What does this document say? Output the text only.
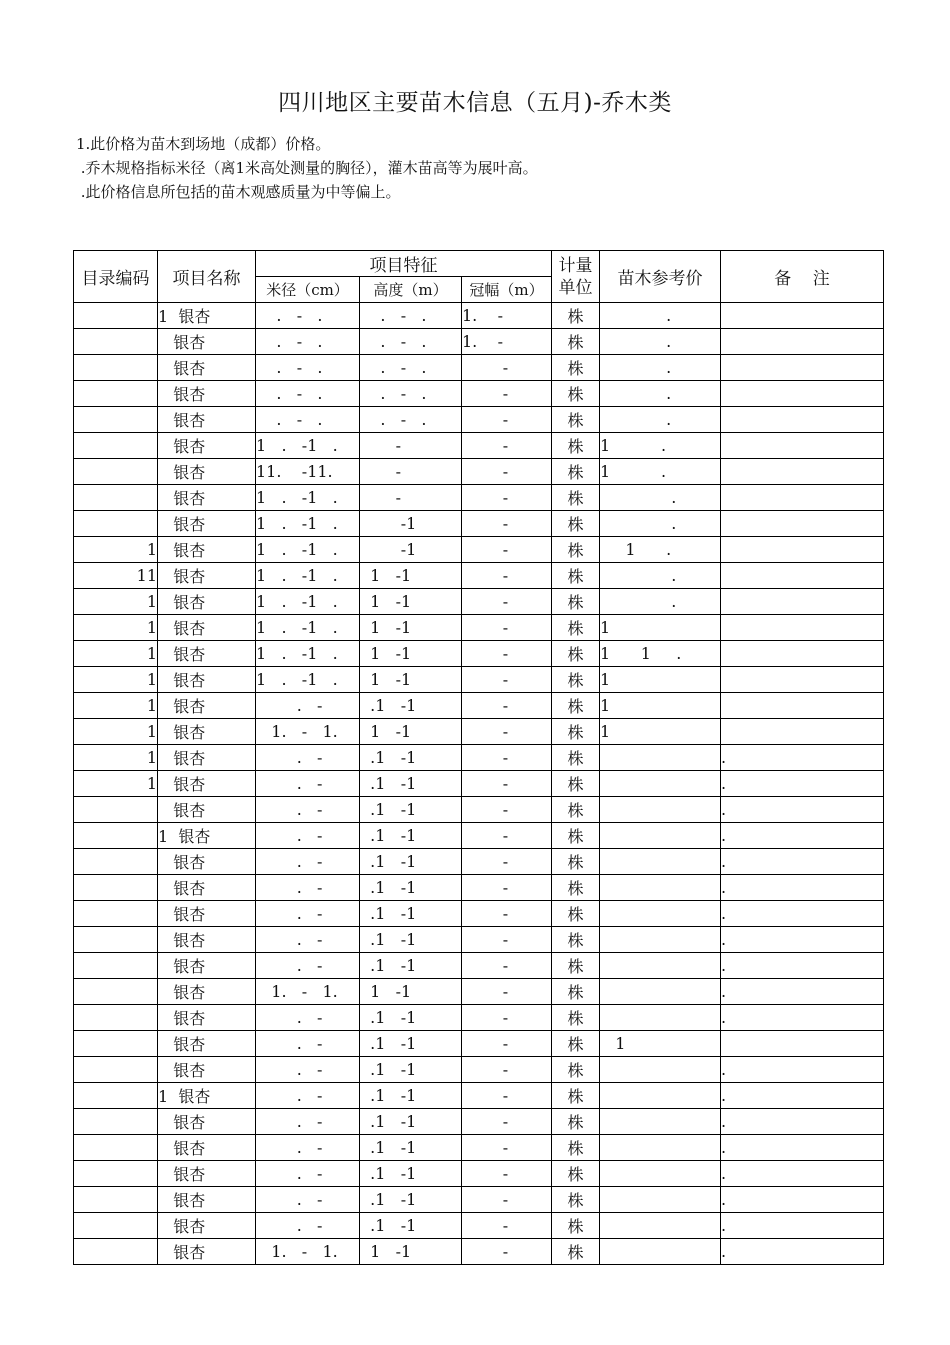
四川地区主要苗木信息（五月)-乔木类
1.此价格为苗木到场地（成都）价格。
.乔木规格指标米径（离1米高处测量的胸径），灌木苗高等为展叶高。
.此价格信息所包括的苗木观感质量为中等偏上。
目录编码	项目名称	项目特征			计量单位	苗木参考价	备    注
		米径（cm）	高度（m）	冠幅（m）			
	1  银杏	.   -   .	.   -   .	1.    -	株	.	
	银杏	.   -   .	.   -   .	1.    -	株	.	
	银杏	.   -   .	.   -   .	-	株	.	
	银杏	.   -   .	.   -   .	-	株	.	
	银杏	.   -   .	.   -   .	-	株	.	
	银杏	1   .   -1   .	-	-	株	1          .	
	银杏	11.    -11.	-	-	株	1          .	
	银杏	1   .   -1   .	-	-	株	.	
	银杏	1   .   -1   .	-1	-	株	.	
1	银杏	1   .   -1   .	-1	-	株	1      .	
11	银杏	1   .   -1   .	1   -1	-	株	.	
1	银杏	1   .   -1   .	1   -1	-	株	.	
1	银杏	1   .   -1   .	1   -1	-	株	1	
1	银杏	1   .   -1   .	1   -1	-	株	1      1     .	
1	银杏	1   .   -1   .	1   -1	-	株	1	
1	银杏	.   -	.1   -1	-	株	1	
1	银杏	1.   -   1.	1   -1	-	株	1	
1	银杏	.   -	.1   -1	-	株		.
1	银杏	.   -	.1   -1	-	株		.
	银杏	.   -	.1   -1	-	株		.
	1  银杏	.   -	.1   -1	-	株		.
	银杏	.   -	.1   -1	-	株		.
	银杏	.   -	.1   -1	-	株		.
	银杏	.   -	.1   -1	-	株		.
	银杏	.   -	.1   -1	-	株		.
	银杏	.   -	.1   -1	-	株		.
	银杏	1.   -   1.	1   -1	-	株		.
	银杏	.   -	.1   -1	-	株		.
	银杏	.   -	.1   -1	-	株	1	
	银杏	.   -	.1   -1	-	株		.
	1  银杏	.   -	.1   -1	-	株		.
	银杏	.   -	.1   -1	-	株		.
	银杏	.   -	.1   -1	-	株		.
	银杏	.   -	.1   -1	-	株		.
	银杏	.   -	.1   -1	-	株		.
	银杏	.   -	.1   -1	-	株		.
	银杏	1.   -   1.	1   -1	-	株		.
